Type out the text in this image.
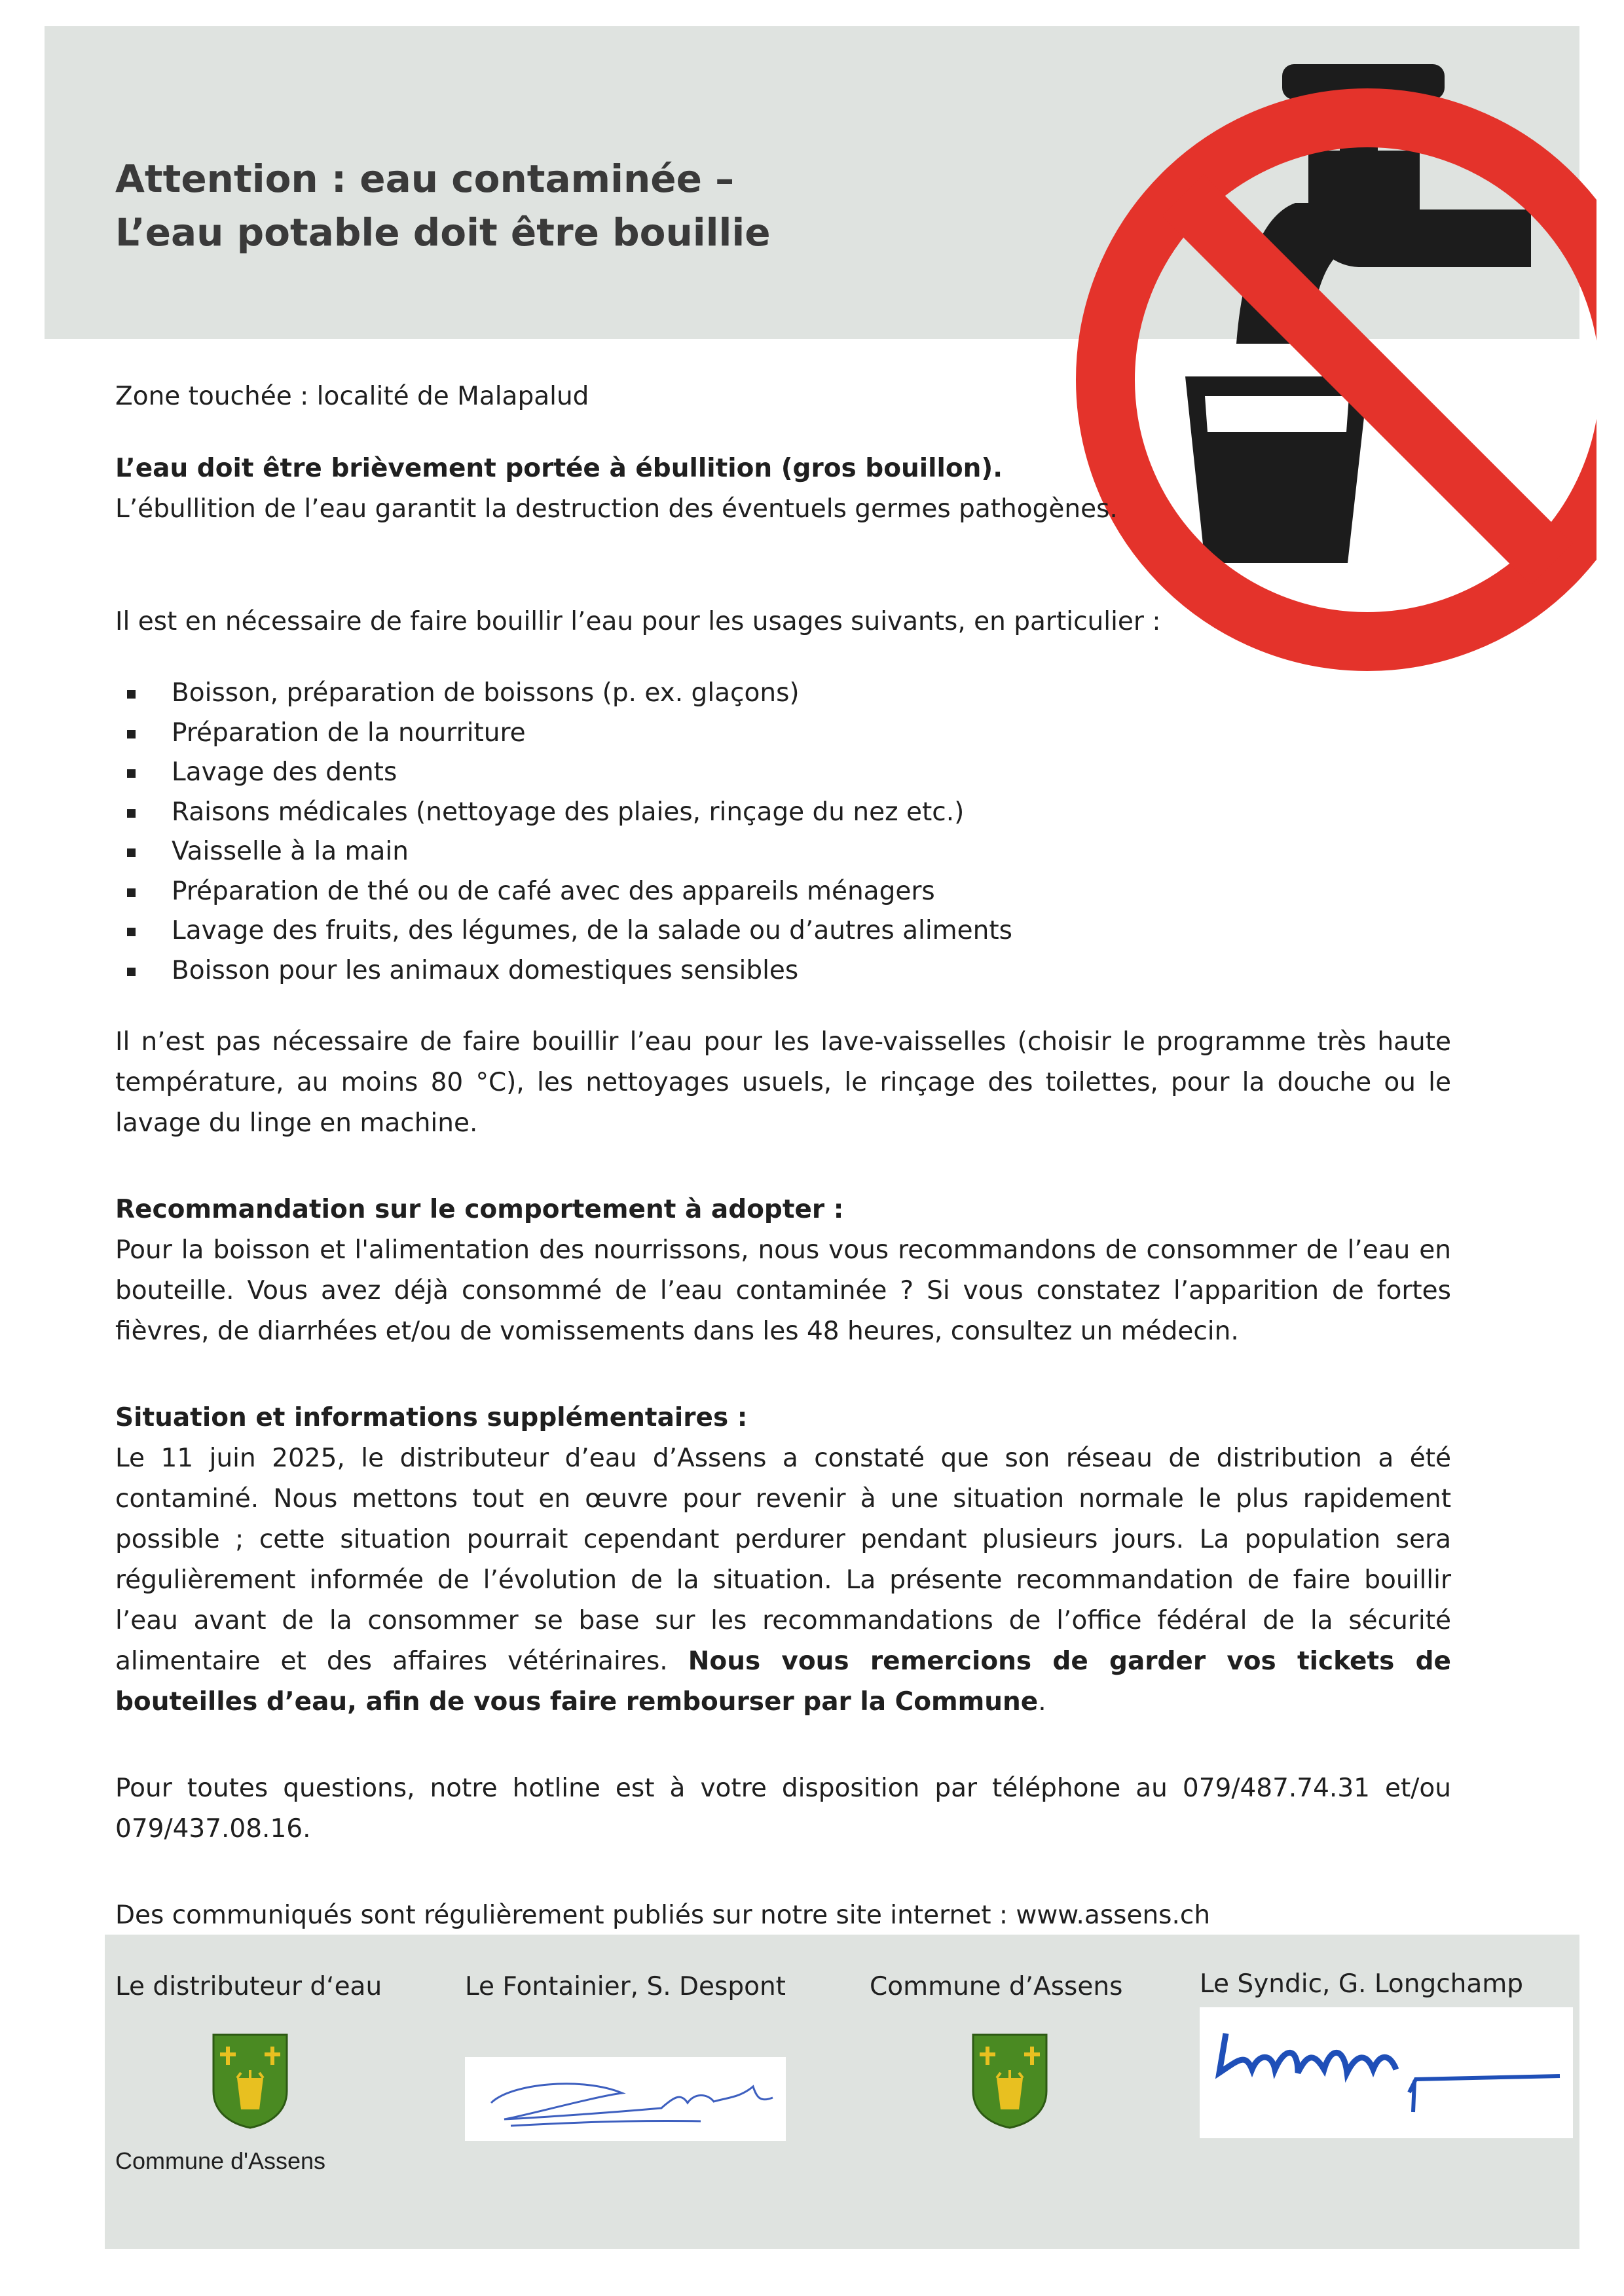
Attention : eau contaminée –
L’eau potable doit être bouillie

Zone touchée : localité de Malapalud

L’eau doit être brièvement portée à ébullition (gros bouillon).

L’ébullition de l’eau garantit la destruction des éventuels germes pathogènes.

Il est en nécessaire de faire bouillir l’eau pour les usages suivants, en particulier :

Boisson, préparation de boissons (p. ex. glaçons)
Préparation de la nourriture
Lavage des dents
Raisons médicales (nettoyage des plaies, rinçage du nez etc.)
Vaisselle à la main
Préparation de thé ou de café avec des appareils ménagers
Lavage des fruits, des légumes, de la salade ou d’autres aliments
Boisson pour les animaux domestiques sensibles

Il n’est pas nécessaire de faire bouillir l’eau pour les lave-vaisselles (choisir le programme très haute température, au moins 80 °C), les nettoyages usuels, le rinçage des toilettes, pour la douche ou le lavage du linge en machine.

Recommandation sur le comportement à adopter :

Pour la boisson et l'alimentation des nourrissons, nous vous recommandons de consommer de l’eau en bouteille. Vous avez déjà consommé de l’eau contaminée ? Si vous constatez l’apparition de fortes fièvres, de diarrhées et/ou de vomissements dans les 48 heures, consultez un médecin.

Situation et informations supplémentaires :

Le 11 juin 2025, le distributeur d’eau d’Assens a constaté que son réseau de distribution a été contaminé. Nous mettons tout en œuvre pour revenir à une situation normale le plus rapidement possible ; cette situation pourrait cependant perdurer pendant plusieurs jours. La population sera régulièrement informée de l’évolution de la situation. La présente recommandation de faire bouillir l’eau avant de la consommer se base sur les recommandations de l’office fédéral de la sécurité alimentaire et des affaires vétérinaires. Nous vous remercions de garder vos tickets de bouteilles d’eau, afin de vous faire rembourser par la Commune.

Pour toutes questions, notre hotline est à votre disposition par téléphone au 079/487.74.31 et/ou 079/437.08.16.

Des communiqués sont régulièrement publiés sur notre site internet : www.assens.ch

Le distributeur d‘eau	Le Fontainier, S. Despont	Commune d’Assens	Le Syndic, G. Longchamp
Commune d'Assens
